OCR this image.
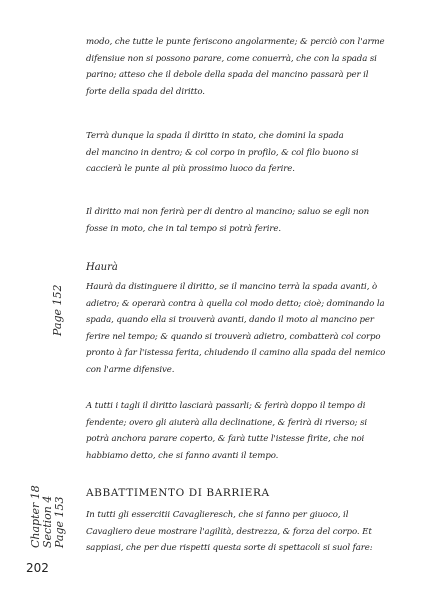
modo, che tutte le punte feriscono angolarmente; & perciò con l'arme
difensiue non si possono parare, come conuerrà, che con la spada si
parino; atteso che il debole della spada del mancino passarà per il
forte della spada del diritto.
Terrà dunque la spada il diritto in stato, che domini la spada
del mancino in dentro; & col corpo in profilo, & col filo buono si
caccierà le punte al più prossimo luoco da ferire.
Il diritto mai non ferirà per di dentro al mancino; saluo se egli non
fosse in moto, che in tal tempo si potrà ferire.
Haurà
Haurà da distinguere il diritto, se il mancino terrà la spada avanti, ò
adietro; & operarà contra à quella col modo detto; cioè; dominando la
spada, quando ella si trouverà avanti, dando il moto al mancino per
ferire nel tempo; & quando si trouverà adietro, combatterà col corpo
pronto à far l'istessa ferita, chiudendo il camino alla spada del nemico
con l'arme difensive.
A tutti i tagli il diritto lasciarà passarli; & ferirà doppo il tempo di
fendente; overo gli aiuterà alla declinatione, & ferirà di riverso; si
potrà anchora parare coperto, & farà tutte l'istesse firite, che noi
habbiamo detto, che si fanno avanti il tempo.
ABBATTIMENTO DI BARRIERA
In tutti gli essercitii Cavaglieresch, che si fanno per giuoco, il
Cavagliero deue mostrare l'agilità, destrezza, & forza del corpo. Et
sappiasi, che per due rispetti questa sorte di spettacoli si suol fare:
Page 152
Chapter 18 Section 4 Page 153
202
